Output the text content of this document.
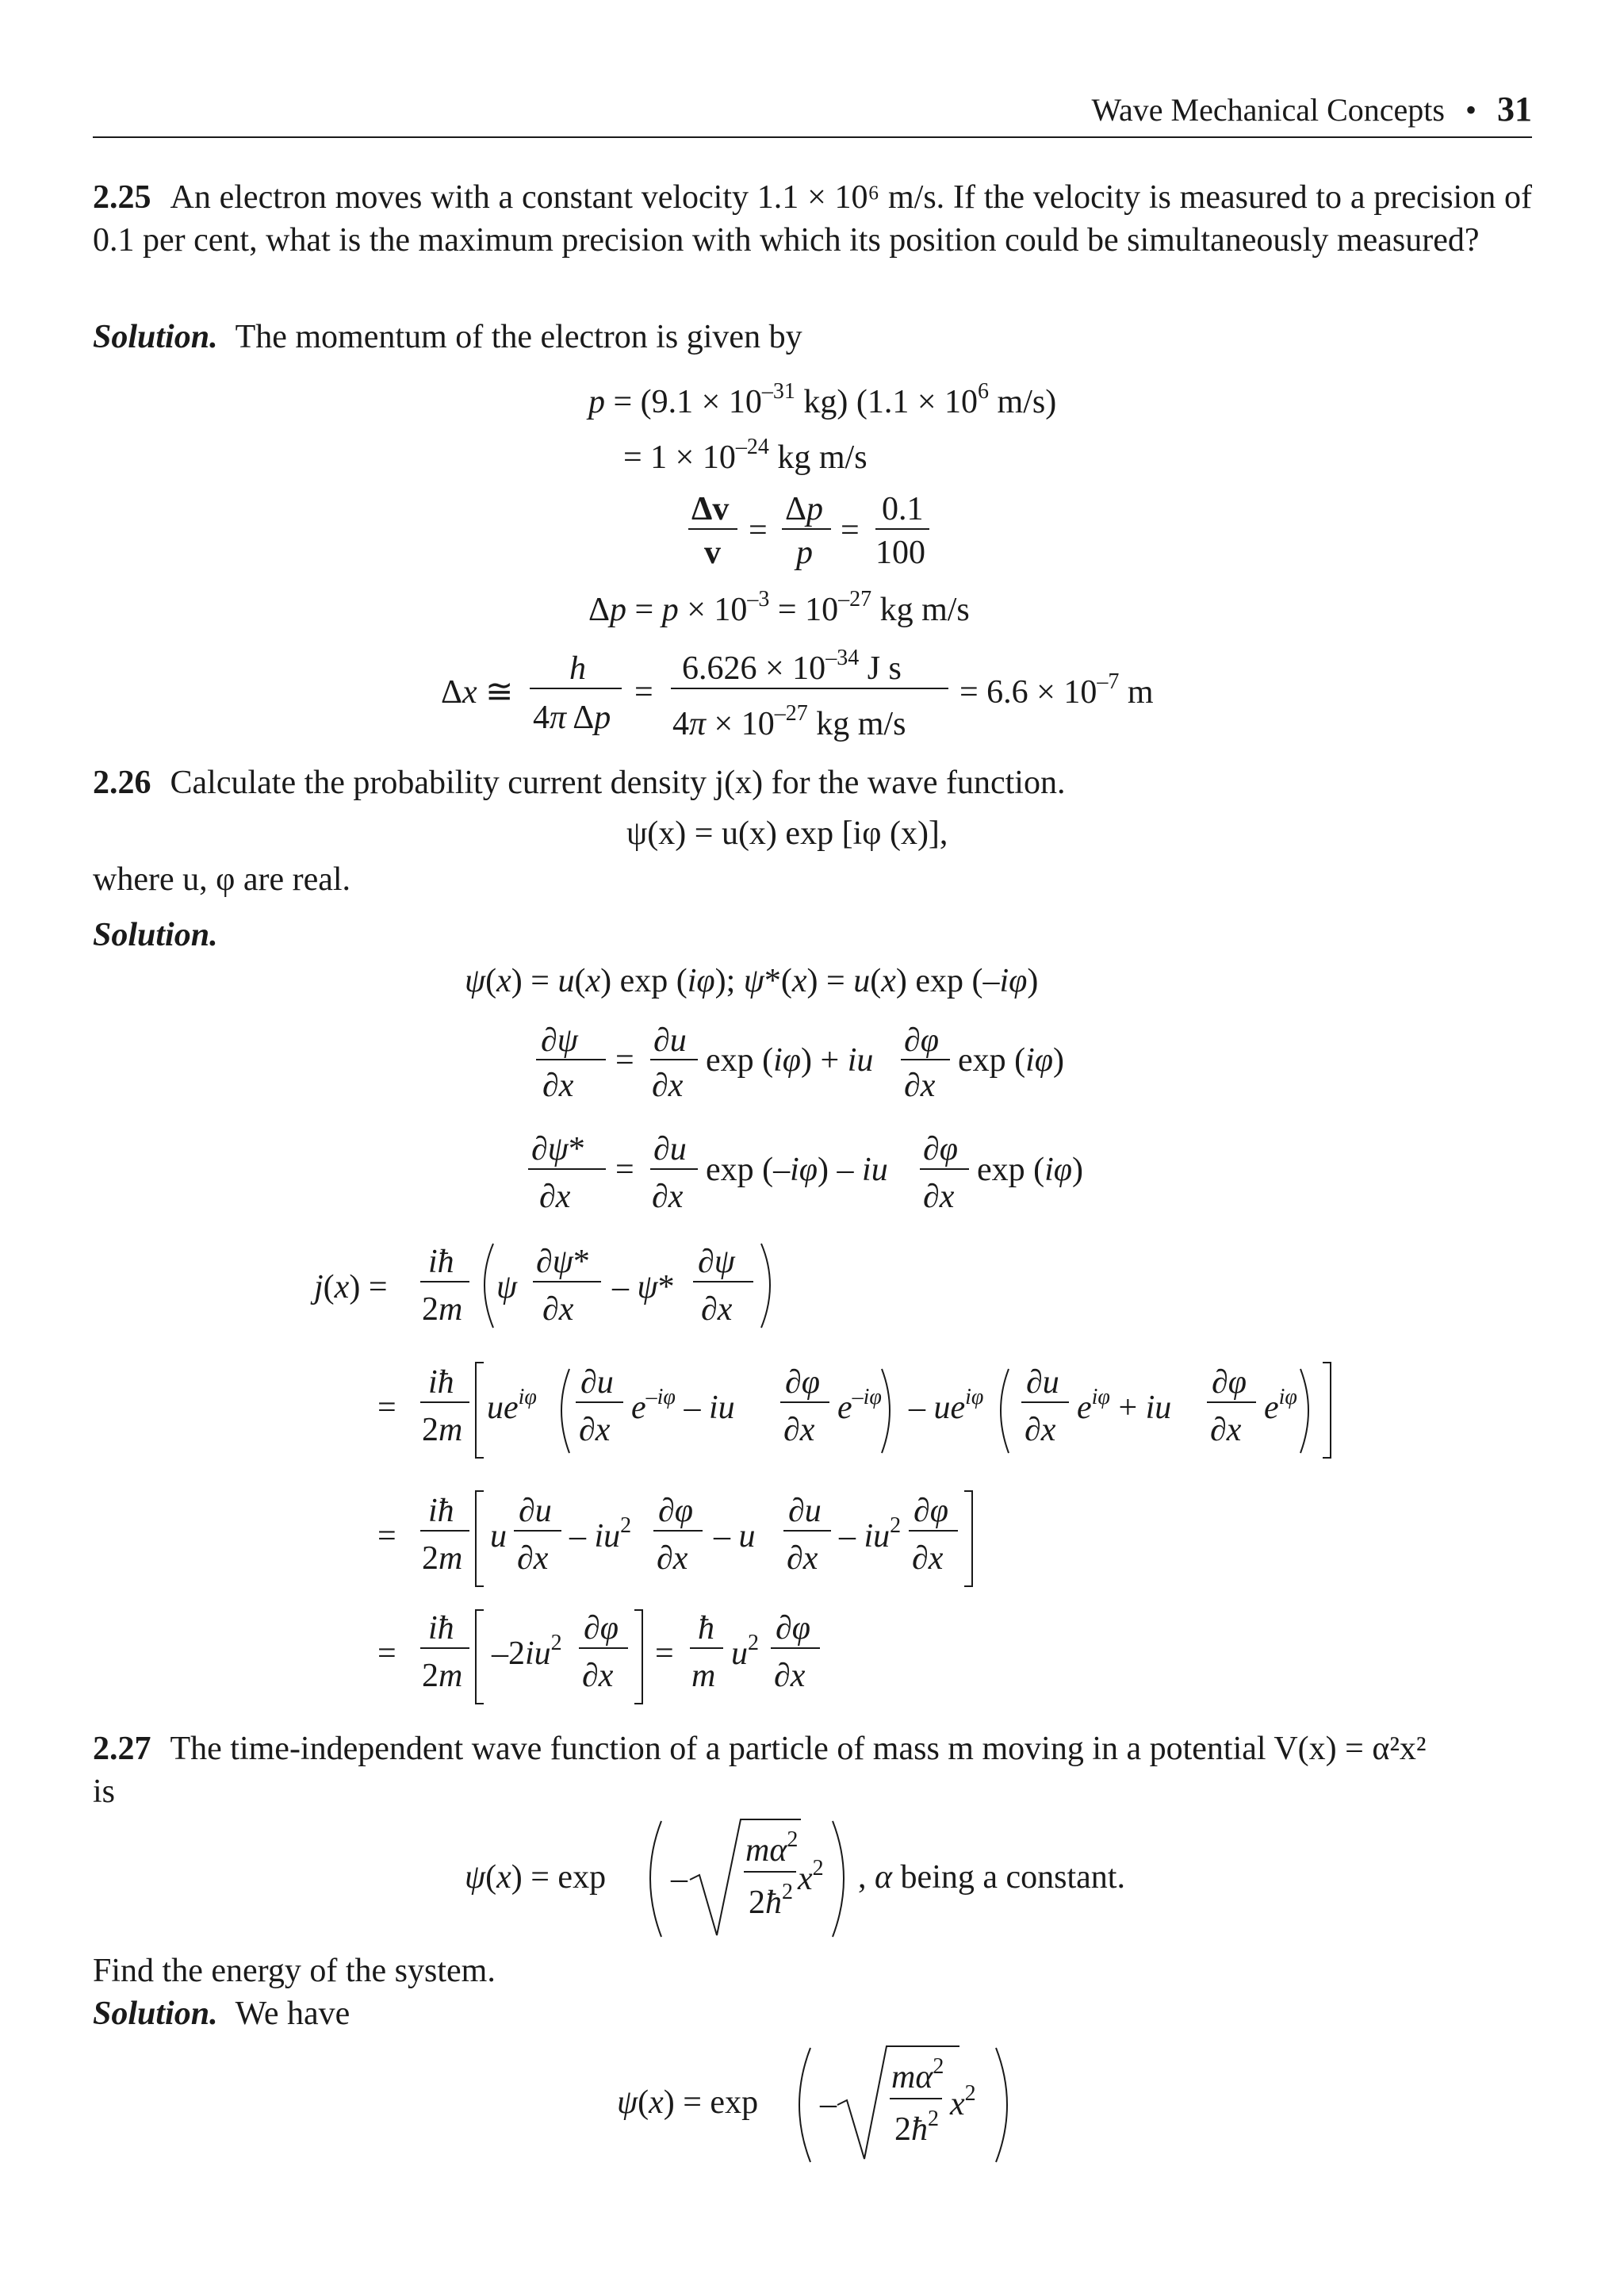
Wave Mechanical Concepts • 31
2.25 An electron moves with a constant velocity 1.1 × 10⁶ m/s. If the velocity is measured to a precision of 0.1 per cent, what is the maximum precision with which its position could be simultaneously measured?
Solution. The momentum of the electron is given by
2.26 Calculate the probability current density j(x) for the wave function.
ψ(x) = u(x) exp [iφ (x)],
where u, φ are real.
Solution.
2.27 The time-independent wave function of a particle of mass m moving in a potential V(x) = α²x²
is
Find the energy of the system.
Solution. We have
$p = (9.1 \times 10^{-31}$ kg) ($1.1 \times 10^6$ m/s)
= $1 \times 10^{-24}$ kg m/s
Δv
v
=
Δp
p
=
0.1
100
$\Delta p = p \times 10^{-3} = 10^{-27}$ kg m/s
Δx ≅
h
4π Δp
=
$6.626 \times 10^{-34}$ J s
$4\pi \times 10^{-27}$ kg m/s
= $6.6 \times 10^{-7}$ m
ψ(x) = u(x) exp (iφ); ψ*(x) = u(x) exp (–iφ)
∂ψ
∂x
=
∂u
∂x
exp (iφ) + iu
∂φ
∂x
exp (iφ)
∂ψ*
∂x
=
∂u
∂x
exp (–iφ) – iu
∂φ
∂x
exp (iφ)
j(x) =
iħ
2m
ψ
∂ψ*
∂x
– ψ*
∂ψ
∂x
=
iħ
2m
$ue^{i\varphi}$ ∂u
∂x
$e^{-i\varphi}$ – iu
∂φ
∂x
$e^{-i\varphi} - ue^{i\varphi}$ ∂u
∂x
$e^{i\varphi}$ + iu
∂φ
∂x
$e^{i\varphi}$
=
iħ
2m
u
∂u
∂x
– $iu^2$ ∂φ
∂x
– u
∂u
∂x
– $iu^2$ ∂φ
∂x
=
iħ
2m
$-2iu^2$ ∂φ
∂x
=
ħ
m
$u^2$ ∂φ
∂x
ψ(x) = exp –
$m\alpha^2$
$2ħ^2$ $x^2$ , α being a constant.
ψ(x) = exp –
$m\alpha^2$
$2ħ^2$ $x^2$
